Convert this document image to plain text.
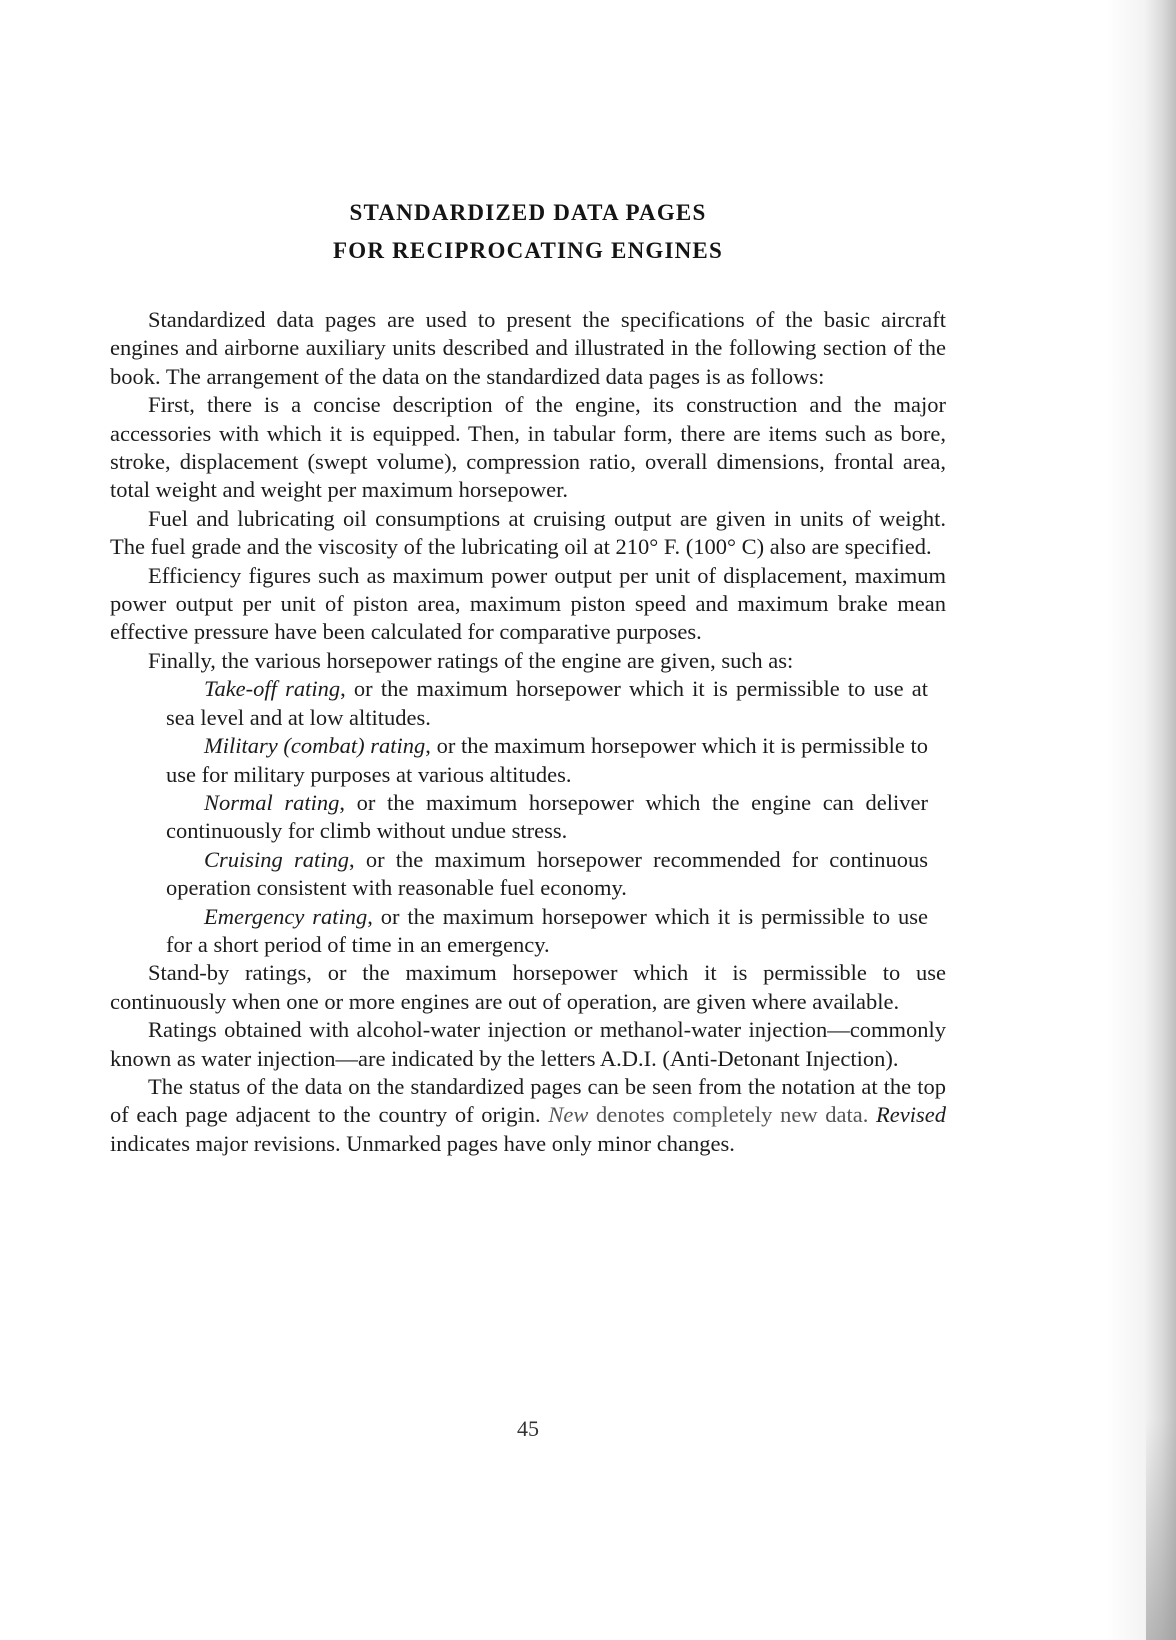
STANDARDIZED DATA PAGES
FOR RECIPROCATING ENGINES

Standardized data pages are used to present the specifications of the basic aircraft engines and airborne auxiliary units described and illustrated in the following section of the book. The arrangement of the data on the standardized data pages is as follows:

First, there is a concise description of the engine, its construction and the major accessories with which it is equipped. Then, in tabular form, there are items such as bore, stroke, displacement (swept volume), compression ratio, overall dimensions, frontal area, total weight and weight per maximum horsepower.

Fuel and lubricating oil consumptions at cruising output are given in units of weight. The fuel grade and the viscosity of the lubricating oil at 210° F. (100° C) also are specified.

Efficiency figures such as maximum power output per unit of displacement, maximum power output per unit of piston area, maximum piston speed and maximum brake mean effective pressure have been calculated for comparative purposes.

Finally, the various horsepower ratings of the engine are given, such as:

Take-off rating, or the maximum horsepower which it is permissible to use at sea level and at low altitudes.

Military (combat) rating, or the maximum horsepower which it is permissible to use for military purposes at various altitudes.

Normal rating, or the maximum horsepower which the engine can deliver continuously for climb without undue stress.

Cruising rating, or the maximum horsepower recommended for continuous operation consistent with reasonable fuel economy.

Emergency rating, or the maximum horsepower which it is permissible to use for a short period of time in an emergency.

Stand-by ratings, or the maximum horsepower which it is permissible to use continuously when one or more engines are out of operation, are given where available.

Ratings obtained with alcohol-water injection or methanol-water injection—commonly known as water injection—are indicated by the letters A.D.I. (Anti-Detonant Injection).

The status of the data on the standardized pages can be seen from the notation at the top of each page adjacent to the country of origin. New denotes completely new data. Revised indicates major revisions. Unmarked pages have only minor changes.

45
